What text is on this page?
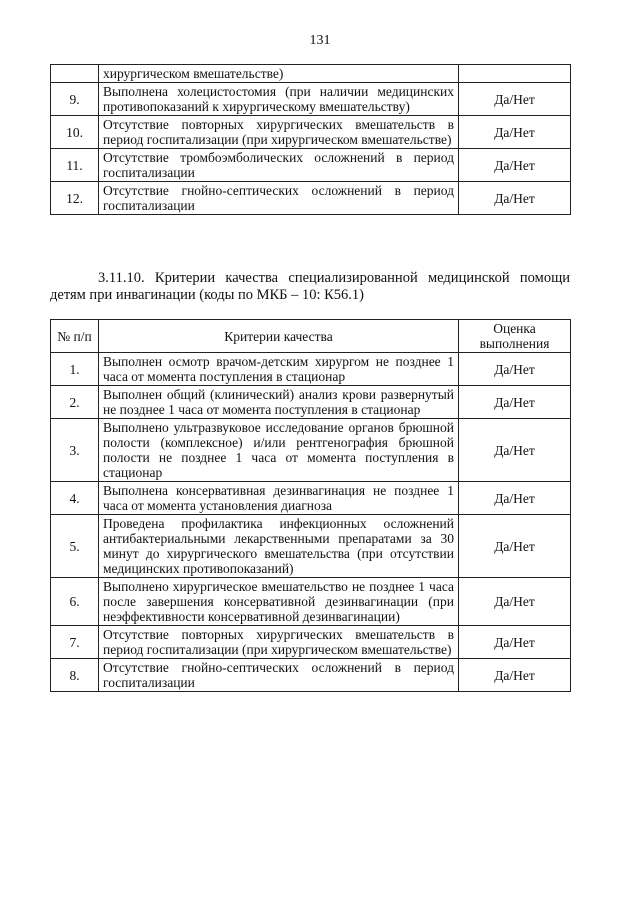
131
	хирургическом вмешательстве)	
9.	Выполнена холецистостомия (при наличии медицинских противопоказаний к хирургическому вмешательству)	Да/Нет
10.	Отсутствие повторных хирургических вмешательств в период госпитализации (при хирургическом вмешательстве)	Да/Нет
11.	Отсутствие тромбоэмболических осложнений в период госпитализации	Да/Нет
12.	Отсутствие гнойно-септических осложнений в период госпитализации	Да/Нет

3.11.10. Критерии качества специализированной медицинской помощи детям при инвагинации (коды по МКБ – 10: К56.1)

№ п/п	Критерии качества	Оценка выполнения
1.	Выполнен осмотр врачом-детским хирургом не позднее 1 часа от момента поступления в стационар	Да/Нет
2.	Выполнен общий (клинический) анализ крови развернутый не позднее 1 часа от момента поступления в стационар	Да/Нет
3.	Выполнено ультразвуковое исследование органов брюшной полости (комплексное) и/или рентгенография брюшной полости не позднее 1 часа от момента поступления в стационар	Да/Нет
4.	Выполнена консервативная дезинвагинация не позднее 1 часа от момента установления диагноза	Да/Нет
5.	Проведена профилактика инфекционных осложнений антибактериальными лекарственными препаратами за 30 минут до хирургического вмешательства (при отсутствии медицинских противопоказаний)	Да/Нет
6.	Выполнено хирургическое вмешательство не позднее 1 часа после завершения консервативной дезинвагинации (при неэффективности консервативной дезинвагинации)	Да/Нет
7.	Отсутствие повторных хирургических вмешательств в период госпитализации (при хирургическом вмешательстве)	Да/Нет
8.	Отсутствие гнойно-септических осложнений в период госпитализации	Да/Нет
